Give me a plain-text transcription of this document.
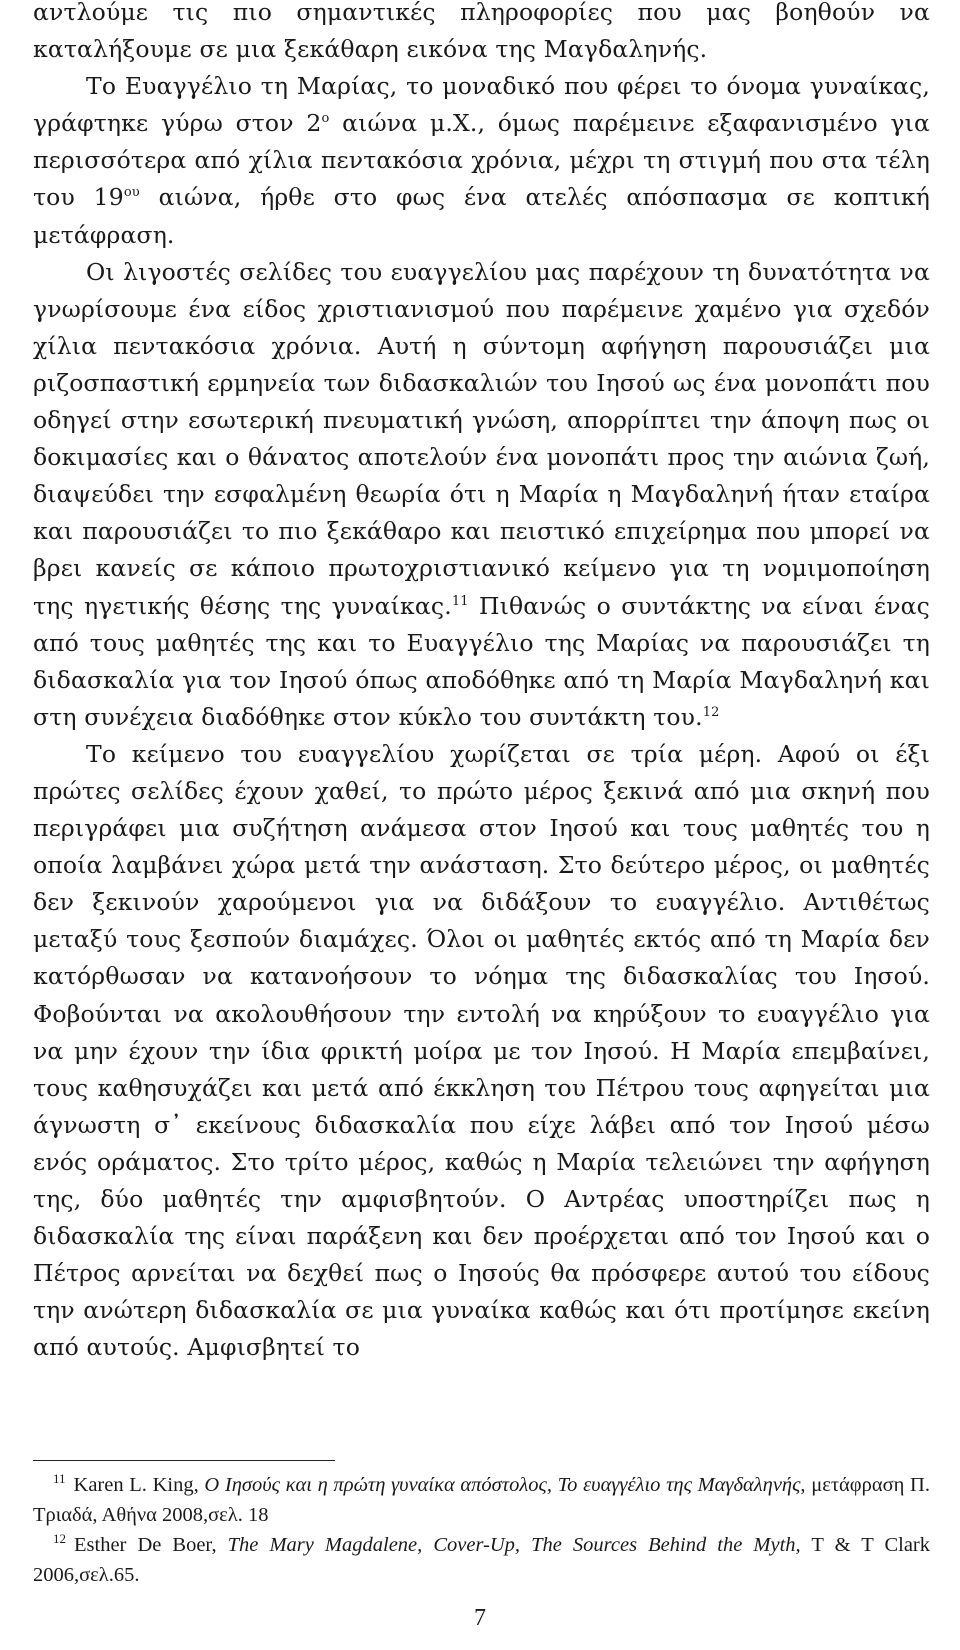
αντλούμε τις πιο σημαντικές πληροφορίες που μας βοηθούν να καταλήξουμε σε μια ξεκάθαρη εικόνα της Μαγδαληνής.

Το Ευαγγέλιο τη Μαρίας, το μοναδικό που φέρει το όνομα γυναίκας, γράφτηκε γύρω στον $2^o$ αιώνα μ.Χ., όμως παρέμεινε εξαφανισμένο για περισσότερα από χίλια πεντακόσια χρόνια, μέχρι τη στιγμή που στα τέλη του $19^{o\upsilon}$ αιώνα, ήρθε στο φως ένα ατελές απόσπασμα σε κοπτική μετάφραση.

Οι λιγοστές σελίδες του ευαγγελίου μας παρέχουν τη δυνατότητα να γνωρίσουμε ένα είδος χριστιανισμού που παρέμεινε χαμένο για σχεδόν χίλια πεντακόσια χρόνια. Αυτή η σύντομη αφήγηση παρουσιάζει μια ριζοσπαστική ερμηνεία των διδασκαλιών του Ιησού ως ένα μονοπάτι που οδηγεί στην εσωτερική πνευματική γνώση, απορρίπτει την άποψη πως οι δοκιμασίες και ο θάνατος αποτελούν ένα μονοπάτι προς την αιώνια ζωή, διαψεύδει την εσφαλμένη θεωρία ότι η Μαρία η Μαγδαληνή ήταν εταίρα και παρουσιάζει το πιο ξεκάθαρο και πειστικό επιχείρημα που μπορεί να βρει κανείς σε κάποιο πρωτοχριστιανικό κείμενο για τη νομιμοποίηση της ηγετικής θέσης της γυναίκας.$^{11}$ Πιθανώς ο συντάκτης να είναι ένας από τους μαθητές της και το Ευαγγέλιο της Μαρίας να παρουσιάζει τη διδασκαλία για τον Ιησού όπως αποδόθηκε από τη Μαρία Μαγδαληνή και στη συνέχεια διαδόθηκε στον κύκλο του συντάκτη του.$^{12}$

Το κείμενο του ευαγγελίου χωρίζεται σε τρία μέρη. Αφού οι έξι πρώτες σελίδες έχουν χαθεί, το πρώτο μέρος ξεκινά από μια σκηνή που περιγράφει μια συζήτηση ανάμεσα στον Ιησού και τους μαθητές του η οποία λαμβάνει χώρα μετά την ανάσταση. Στο δεύτερο μέρος, οι μαθητές δεν ξεκινούν χαρούμενοι για να διδάξουν το ευαγγέλιο. Αντιθέτως μεταξύ τους ξεσπούν διαμάχες. Όλοι οι μαθητές εκτός από τη Μαρία δεν κατόρθωσαν να κατανοήσουν το νόημα της διδασκαλίας του Ιησού. Φοβούνται να ακολουθήσουν την εντολή να κηρύξουν το ευαγγέλιο για να μην έχουν την ίδια φρικτή μοίρα με τον Ιησού. Η Μαρία επεμβαίνει, τους καθησυχάζει και μετά από έκκληση του Πέτρου τους αφηγείται μια άγνωστη σ᾽ εκείνους διδασκαλία που είχε λάβει από τον Ιησού μέσω ενός οράματος. Στο τρίτο μέρος, καθώς η Μαρία τελειώνει την αφήγηση της, δύο μαθητές την αμφισβητούν. Ο Αντρέας υποστηρίζει πως η διδασκαλία της είναι παράξενη και δεν προέρχεται από τον Ιησού και ο Πέτρος αρνείται να δεχθεί πως ο Ιησούς θα πρόσφερε αυτού του είδους την ανώτερη διδασκαλία σε μια γυναίκα καθώς και ότι προτίμησε εκείνη από αυτούς. Αμφισβητεί το

$^{11}$ Karen L. King, Ο Ιησούς και η πρώτη γυναίκα απόστολος, Το ευαγγέλιο της Μαγδαληνής, μετάφραση Π. Τριαδά, Αθήνα 2008,σελ. 18

$^{12}$ Esther De Boer, The Mary Magdalene, Cover-Up, The Sources Behind the Myth, T & T Clark 2006,σελ.65.

7
